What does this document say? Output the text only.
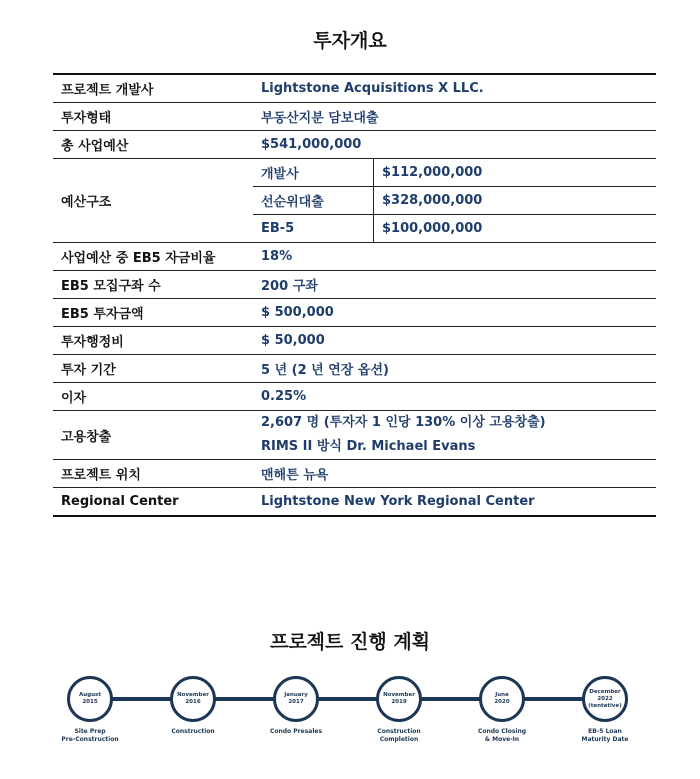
투자개요
프로젝트 개발사	Lightstone Acquisitions X LLC.	
투자형태	부동산지분 담보대출	
총 사업예산	$541,000,000	
예산구조	개발사	$112,000,000
	선순위대출	$328,000,000
	EB-5	$100,000,000
사업예산 중 EB5 자금비율	18%	
EB5 모집구좌 수	200 구좌	
EB5 투자금액	$ 500,000	
투자행정비	$ 50,000	
투자 기간	5 년 (2 년 연장 옵션)	
이자	0.25%	
고용창출	2,607 명 (투자자 1 인당 130% 이상 고용창출)
RIMS II 방식 Dr. Michael Evans	

프로젝트 위치	맨해튼 뉴욕	
Regional Center	Lightstone New York Regional Center	
프로젝트 진행 계획
August
2015
Site Prep
Pre-Construction
November
2016
Construction
January
2017
Condo Presales
November
2019
Construction
Completion
June
2020
Condo Closing
& Move-In
December
2022
(tentative)
EB-5 Loan
Maturity Date
